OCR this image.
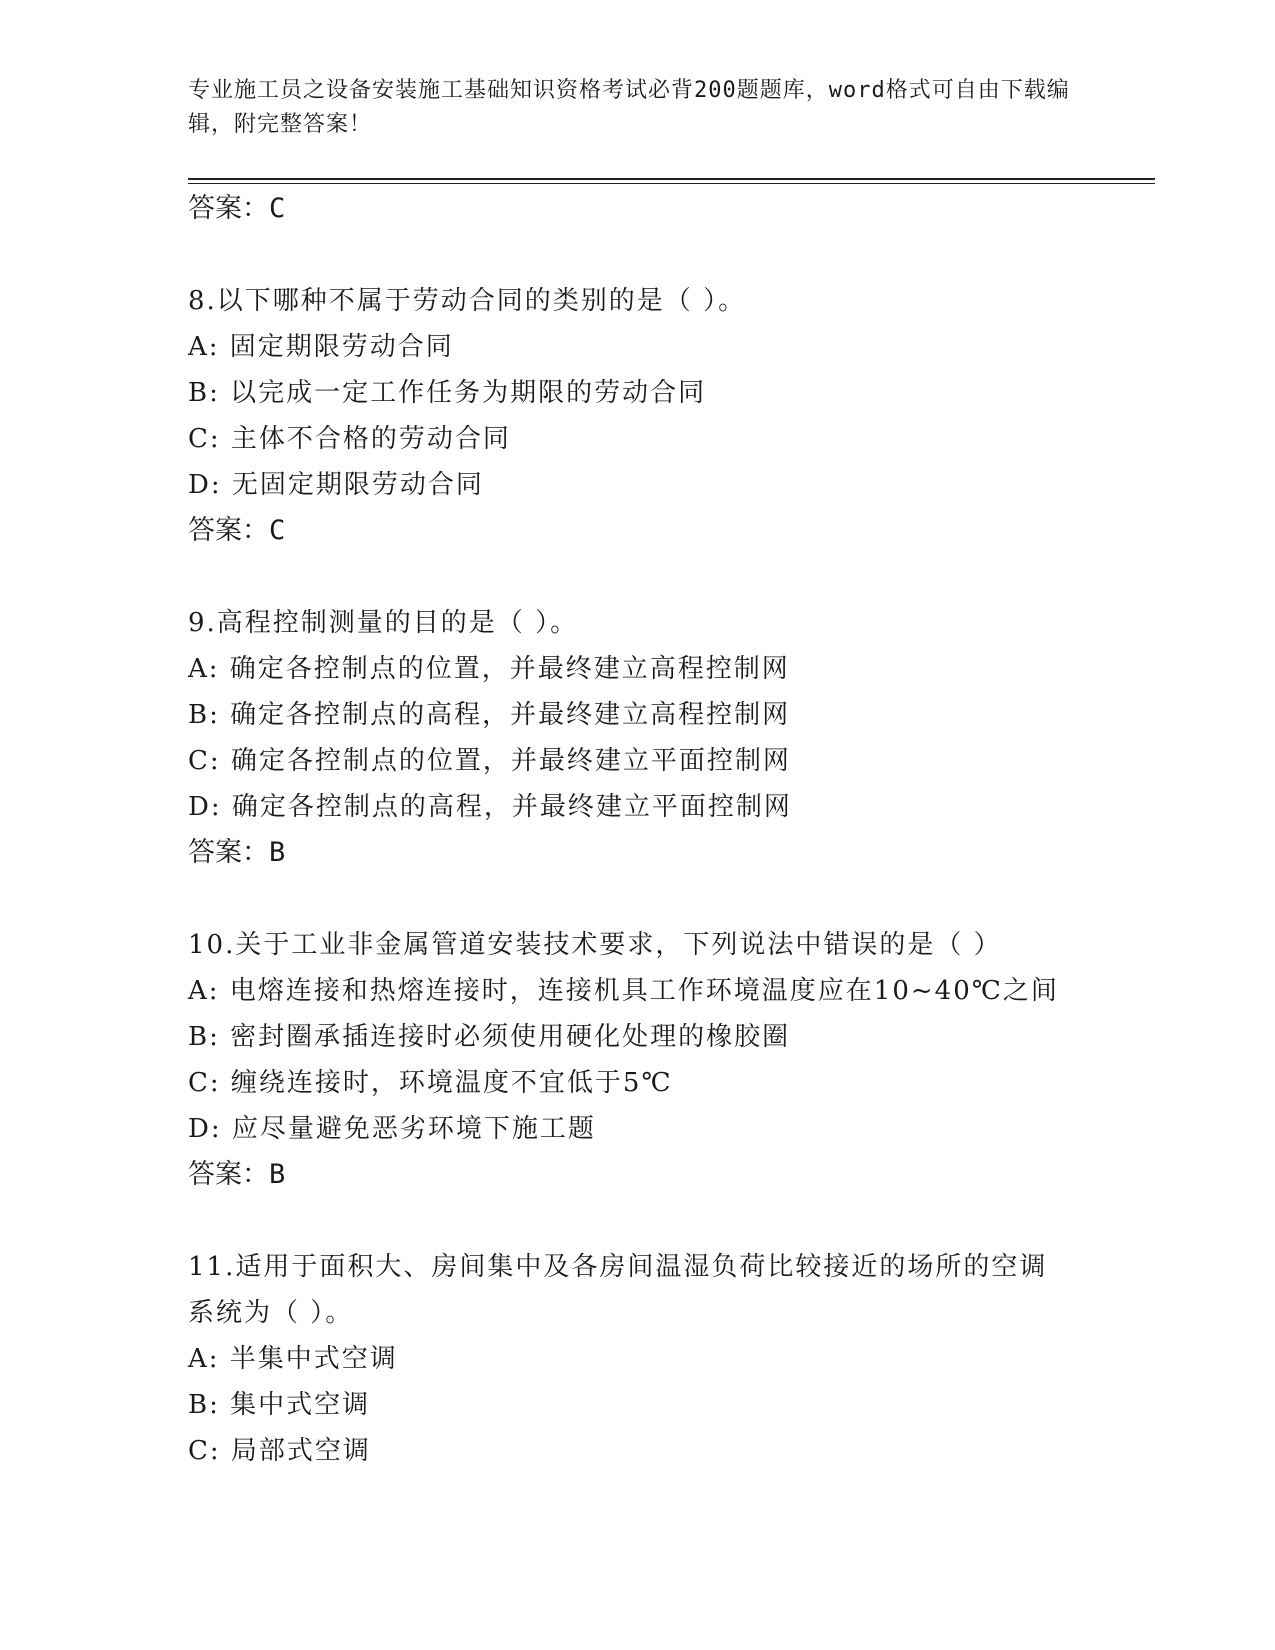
专业施工员之设备安装施工基础知识资格考试必背200题题库，word格式可自由下载编辑，附完整答案！
答案：C
8.以下哪种不属于劳动合同的类别的是（ ）。
A: 固定期限劳动合同
B: 以完成一定工作任务为期限的劳动合同
C: 主体不合格的劳动合同
D: 无固定期限劳动合同
答案：C
9.高程控制测量的目的是（ ）。
A: 确定各控制点的位置，并最终建立高程控制网
B: 确定各控制点的高程，并最终建立高程控制网
C: 确定各控制点的位置，并最终建立平面控制网
D: 确定各控制点的高程，并最终建立平面控制网
答案：B
10.关于工业非金属管道安装技术要求，下列说法中错误的是（ ）
A: 电熔连接和热熔连接时，连接机具工作环境温度应在10~40℃之间
B: 密封圈承插连接时必须使用硬化处理的橡胶圈
C: 缠绕连接时，环境温度不宜低于5℃
D: 应尽量避免恶劣环境下施工题
答案：B
11.适用于面积大、房间集中及各房间温湿负荷比较接近的场所的空调系统为（ ）。
A: 半集中式空调
B: 集中式空调
C: 局部式空调
